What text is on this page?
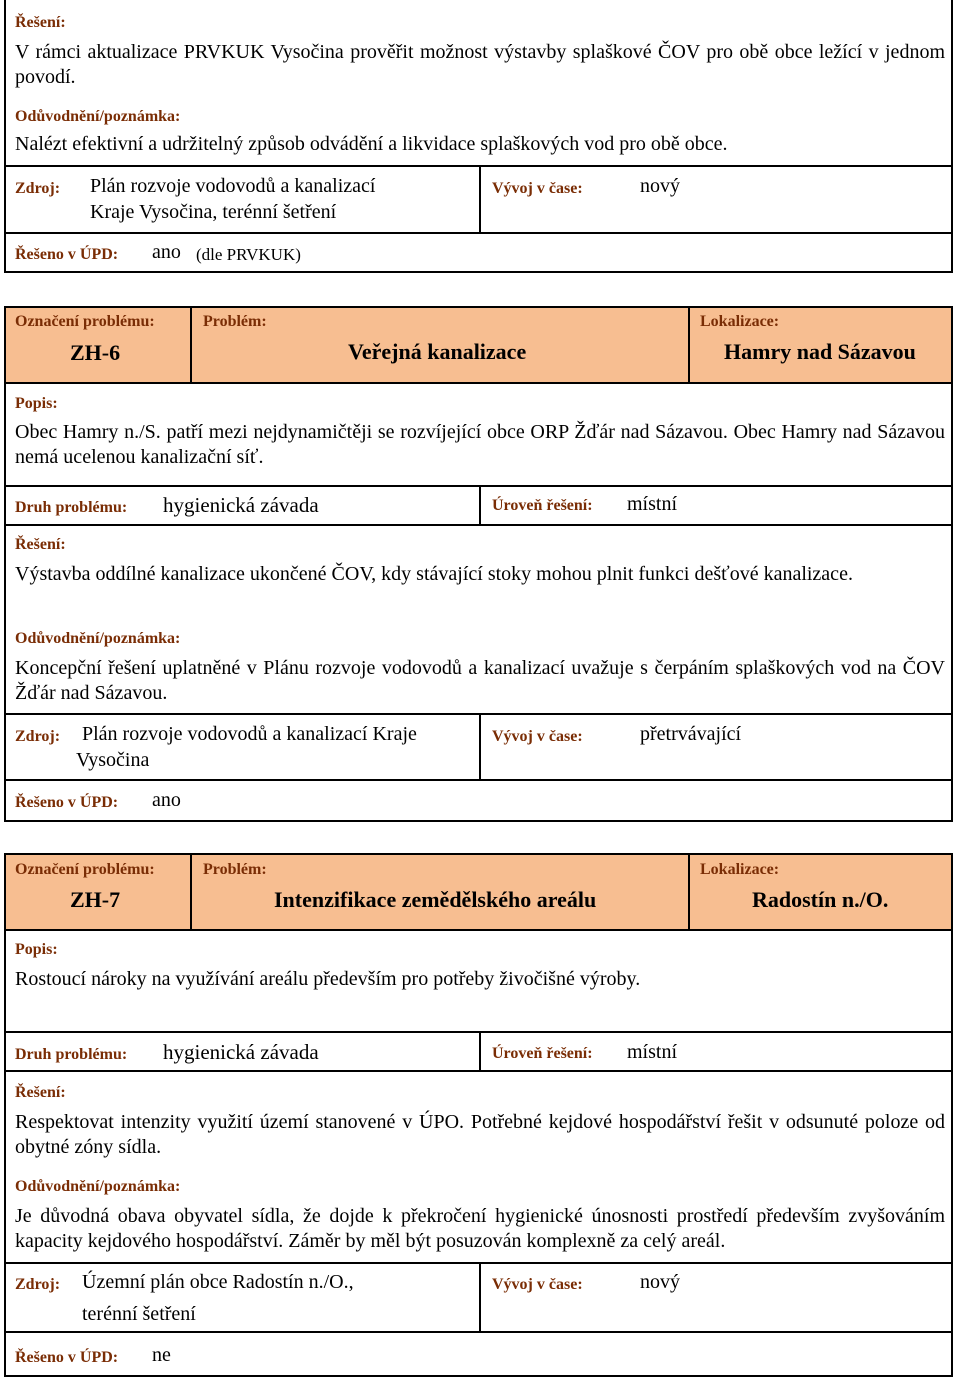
Řešení:
V rámci aktualizace PRVKUK Vysočina prověřit možnost výstavby splaškové ČOV pro obě obce ležící v jednom povodí.
Odůvodnění/poznámka:
Nalézt efektivní a udržitelný způsob odvádění a likvidace splaškových vod pro obě obce.
Zdroj: Plán rozvoje vodovodů a kanalizací
Kraje Vysočina, terénní šetření
Vývoj v čase:	nový
Řešeno v ÚPD: ano (dle PRVKUK)
Označení problému:
ZH-6
Problém:
Veřejná kanalizace
Lokalizace:
Hamry nad Sázavou
Popis:
Obec Hamry n./S. patří mezi nejdynamičtěji se rozvíjející obce ORP Žďár nad Sázavou. Obec Hamry nad Sázavou nemá ucelenou kanalizační síť.
Druh problému: hygienická závada	Úroveň řešení: místní
Řešení:
Výstavba oddílné kanalizace ukončené ČOV, kdy stávající stoky mohou plnit funkci dešťové kanalizace.
Odůvodnění/poznámka:
Koncepční řešení uplatněné v Plánu rozvoje vodovodů a kanalizací uvažuje s čerpáním splaškových vod na ČOV Žďár nad Sázavou.
Zdroj: Plán rozvoje vodovodů a kanalizací Kraje
Vysočina
Vývoj v čase:	přetrvávající
Řešeno v ÚPD: ano
Označení problému:
ZH-7
Problém:
Intenzifikace zemědělského areálu
Lokalizace:
Radostín n./O.
Popis:
Rostoucí nároky na využívání areálu především pro potřeby živočišné výroby.
Druh problému: hygienická závada	Úroveň řešení: místní
Řešení:
Respektovat intenzity využití území stanovené v ÚPO. Potřebné kejdové hospodářství řešit v odsunuté poloze od obytné zóny sídla.
Odůvodnění/poznámka:
Je důvodná obava obyvatel sídla, že dojde k překročení hygienické únosnosti prostředí především zvyšováním kapacity kejdového hospodářství. Záměr by měl být posuzován komplexně za celý areál.
Zdroj: Územní plán obce Radostín n./O.,
terénní šetření
Vývoj v čase:	nový
Řešeno v ÚPD: ne
